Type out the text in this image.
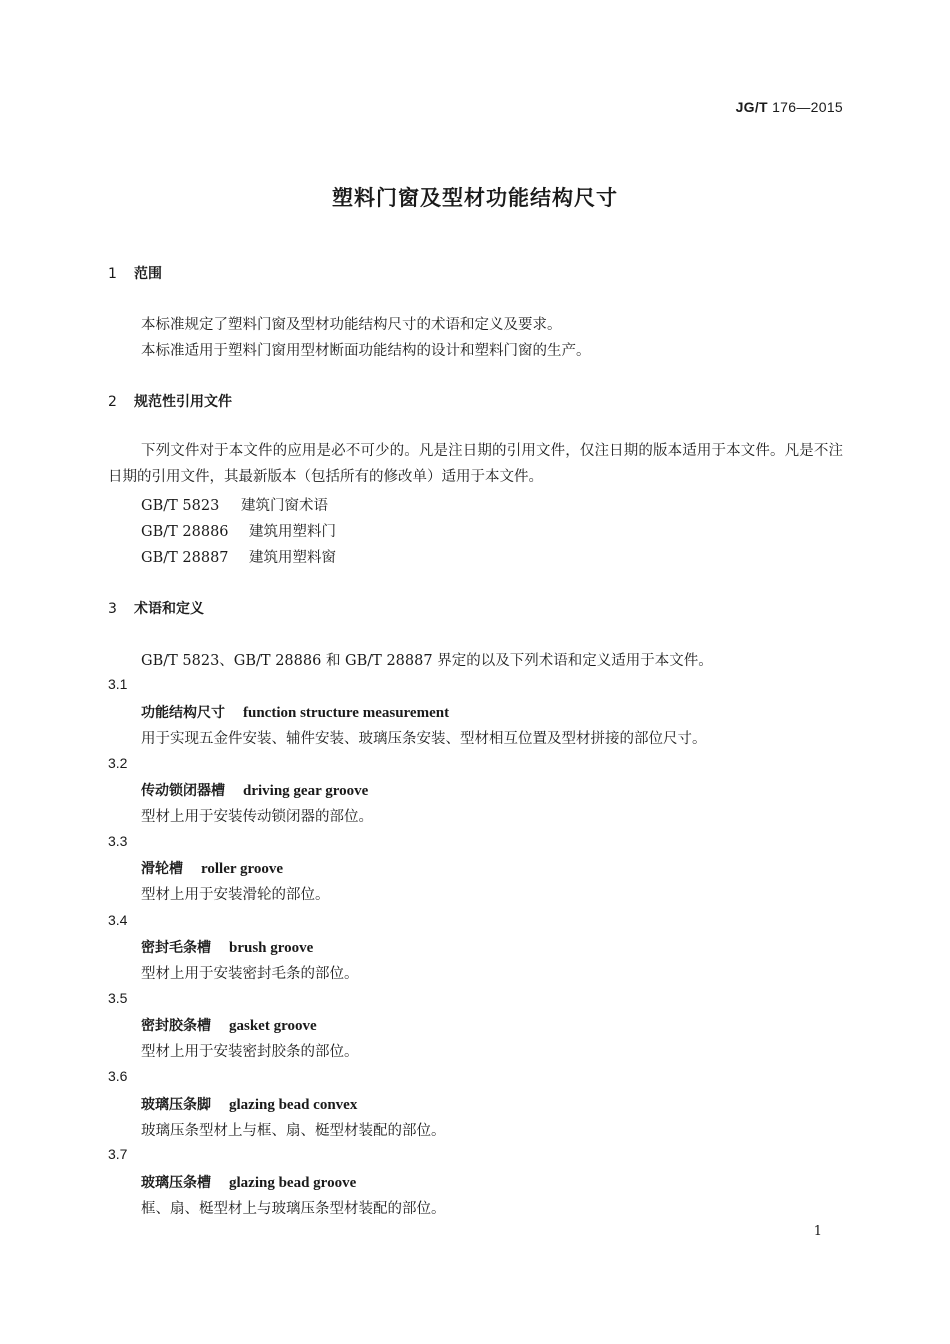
JG/T 176—2015
塑料门窗及型材功能结构尺寸
1 范围
本标准规定了塑料门窗及型材功能结构尺寸的术语和定义及要求。
本标准适用于塑料门窗用型材断面功能结构的设计和塑料门窗的生产。
2 规范性引用文件
下列文件对于本文件的应用是必不可少的。凡是注日期的引用文件，仅注日期的版本适用于本文件。凡是不注日期的引用文件，其最新版本（包括所有的修改单）适用于本文件。
GB/T 5823 建筑门窗术语
GB/T 28886 建筑用塑料门
GB/T 28887 建筑用塑料窗
3 术语和定义
GB/T 5823、GB/T 28886 和 GB/T 28887 界定的以及下列术语和定义适用于本文件。
3.1
功能结构尺寸 function structure measurement
用于实现五金件安装、辅件安装、玻璃压条安装、型材相互位置及型材拼接的部位尺寸。
3.2
传动锁闭器槽 driving gear groove
型材上用于安装传动锁闭器的部位。
3.3
滑轮槽 roller groove
型材上用于安装滑轮的部位。
3.4
密封毛条槽 brush groove
型材上用于安装密封毛条的部位。
3.5
密封胶条槽 gasket groove
型材上用于安装密封胶条的部位。
3.6
玻璃压条脚 glazing bead convex
玻璃压条型材上与框、扇、梃型材装配的部位。
3.7
玻璃压条槽 glazing bead groove
框、扇、梃型材上与玻璃压条型材装配的部位。
1
